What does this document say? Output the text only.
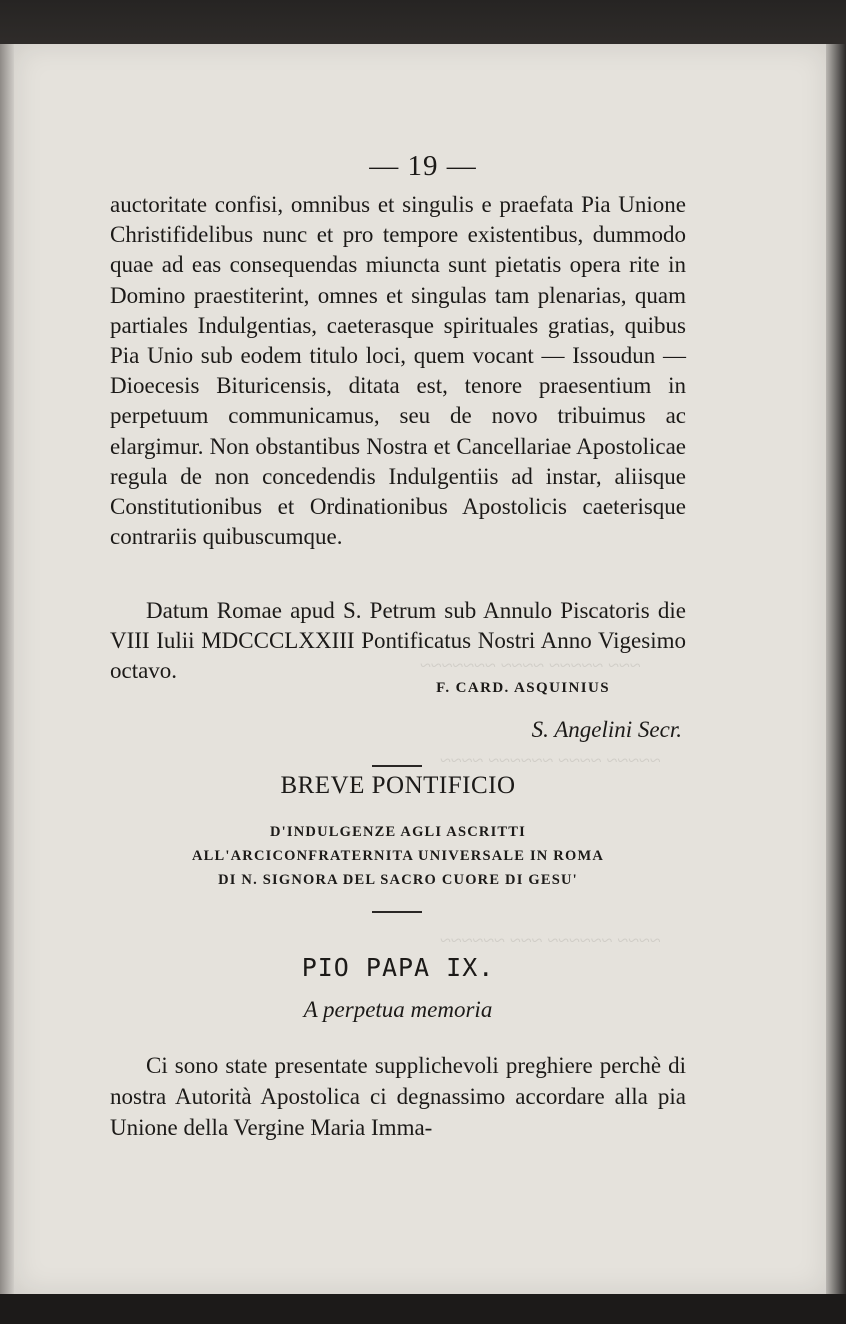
~~~ ~~~~~ ~~~~ ~~~~~~~
~~~~~ ~~~~ ~~~~~~ ~~~~
~~~~ ~~~~~~ ~~~ ~~~~~~
— 19 —

auctoritate confisi, omnibus et singulis e praefata Pia Unione Christifidelibus nunc et pro tempore existentibus, dummodo quae ad eas consequendas miuncta sunt pietatis opera rite in Domino praestiterint, omnes et singulas tam plenarias, quam partiales Indulgentias, caeterasque spirituales gratias, quibus Pia Unio sub eodem titulo loci, quem vocant — Issoudun — Dioecesis Bituricensis, ditata est, tenore praesentium in perpetuum communicamus, seu de novo tribuimus ac elargimur. Non obstantibus Nostra et Cancellariae Apostolicae regula de non concedendis Indulgentiis ad instar, aliisque Constitutionibus et Ordinationibus Apostolicis caeterisque contrariis quibuscumque.

Datum Romae apud S. Petrum sub Annulo Piscatoris die VIII Iulii MDCCCLXXIII Pontificatus Nostri Anno Vigesimo octavo.

F. CARD. ASQUINIUS
S. Angelini Secr.
BREVE PONTIFICIO
D'INDULGENZE AGLI ASCRITTI
ALL'ARCICONFRATERNITA UNIVERSALE IN ROMA
DI N. SIGNORA DEL SACRO CUORE DI GESU'
PIO PAPA IX.
A perpetua memoria

Ci sono state presentate supplichevoli preghiere perchè di nostra Autorità Apostolica ci degnassimo accordare alla pia Unione della Vergine Maria Imma-
